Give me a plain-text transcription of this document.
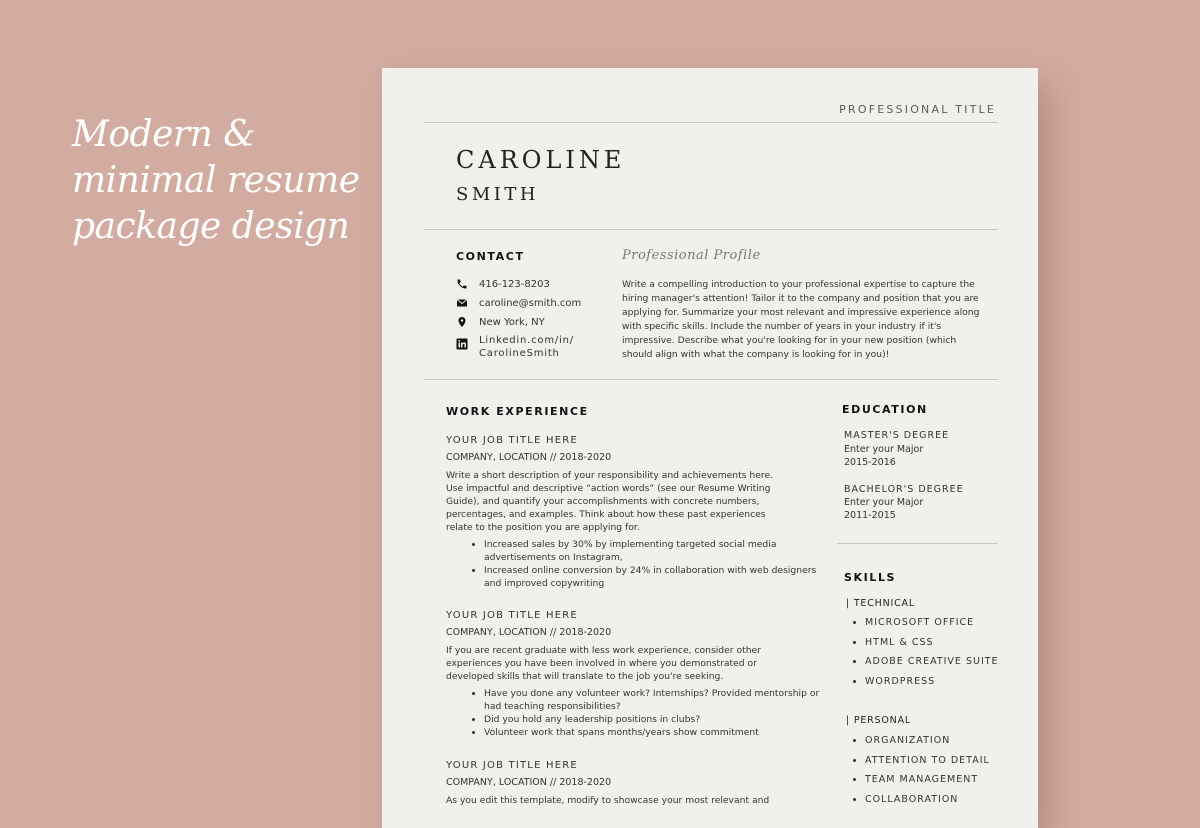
Modern &
minimal resume
package design
PROFESSIONAL TITLE
CAROLINE
SMITH
CONTACT
416-123-8203
caroline@smith.com
New York, NY
Linkedin.com/in/
CarolineSmith
Professional Profile
Write a compelling introduction to your professional expertise to capture the hiring manager's attention! Tailor it to the company and position that you are applying for. Summarize your most relevant and impressive experience along with specific skills. Include the number of years in your industry if it's impressive. Describe what you're looking for in your new position (which should align with what the company is looking for in you)!
WORK EXPERIENCE
YOUR JOB TITLE HERE
COMPANY, LOCATION // 2018-2020
Write a short description of your responsibility and achievements here. Use impactful and descriptive “action words” (see our Resume Writing Guide), and quantify your accomplishments with concrete numbers, percentages, and examples. Think about how these past experiences relate to the position you are applying for.
• Increased sales by 30% by implementing targeted social media advertisements on Instagram,
• Increased online conversion by 24% in collaboration with web designers and improved copywriting
YOUR JOB TITLE HERE
COMPANY, LOCATION // 2018-2020
If you are recent graduate with less work experience, consider other experiences you have been involved in where you demonstrated or developed skills that will translate to the job you're seeking.
• Have you done any volunteer work? Internships? Provided mentorship or had teaching responsibilities?
• Did you hold any leadership positions in clubs?
• Volunteer work that spans months/years show commitment
YOUR JOB TITLE HERE
COMPANY, LOCATION // 2018-2020
As you edit this template, modify to showcase your most relevant and
EDUCATION
MASTER'S DEGREE
Enter your Major
2015-2016
BACHELOR'S DEGREE
Enter your Major
2011-2015
SKILLS
| TECHNICAL
• MICROSOFT OFFICE
• HTML & CSS
• ADOBE CREATIVE SUITE
• WORDPRESS
| PERSONAL
• ORGANIZATION
• ATTENTION TO DETAIL
• TEAM MANAGEMENT
• COLLABORATION
